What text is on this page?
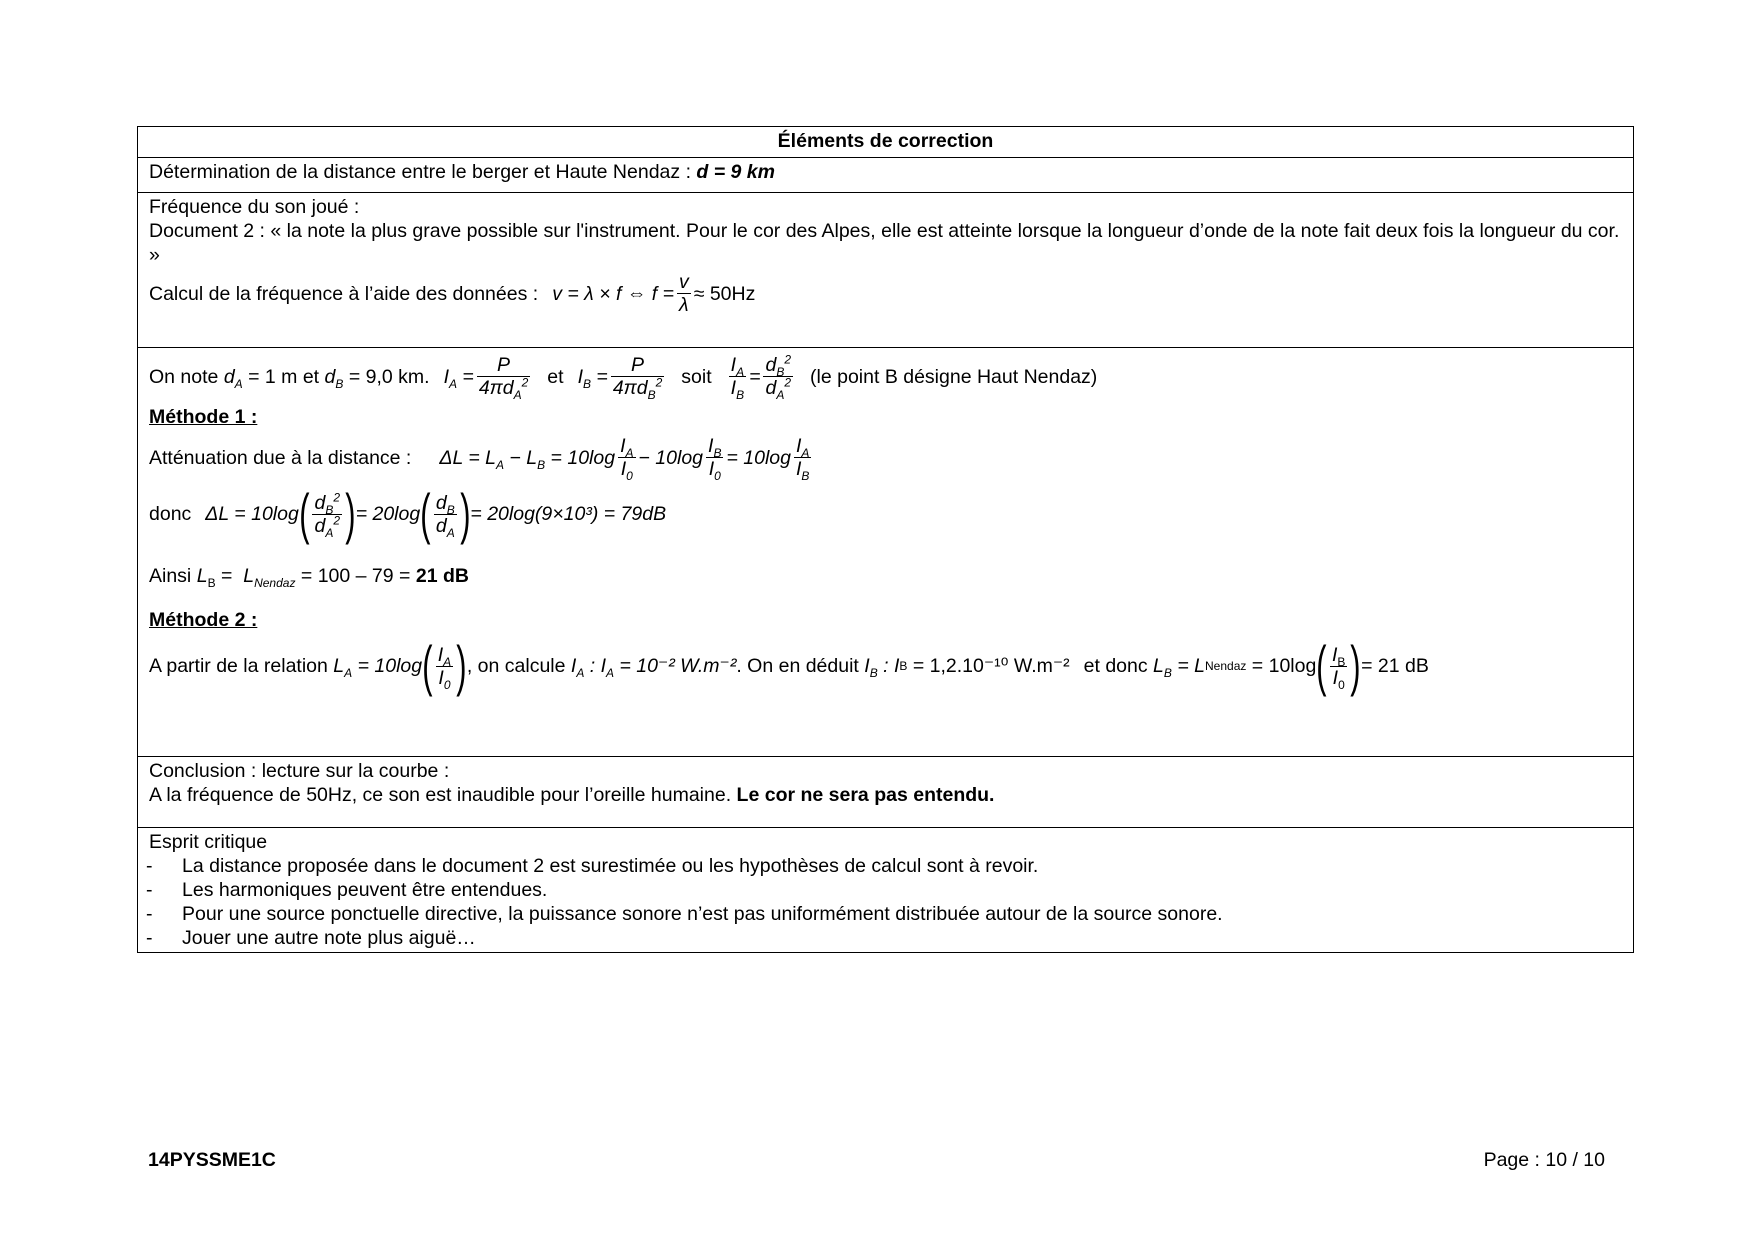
Éléments de correction
Détermination de la distance entre le berger et Haute Nendaz : d = 9 km

Fréquence du son joué :
Document 2 : « la note la plus grave possible sur l'instrument. Pour le cor des Alpes, elle est atteinte lorsque la longueur d’onde de la note fait deux fois la longueur du cor. »
Calcul de la fréquence à l’aide des données : v = λ × f ⇔ $f = \frac{v}{\lambda} \approx 50Hz$

On note
$d_A$
= 1 m et
$d_B$
= 9,0 km. $I_A = \frac{P}{4\pi d_A^2}$ et $I_B = \frac{P}{4\pi d_B^2}$ soit $\frac{I_A}{I_B} = \frac{d_B^2}{d_A^2} (le$ point B désigne Haut Nendaz)
Méthode 1 :
Atténuation due à la distance : $\Delta L = L_A - L_B = 10\log \frac{I_A}{I_0} - 10\log \frac{I_B}{I_0} = 10\log \frac{I_A}{I_B}$
donc ΔL = 10log ( $\frac{d_B^2}{d_A^2}$ ) = 20log ( $\frac{d_B}{d_A}$ ) = 20log(9×10³) = 79dB
Ainsi
$L_B = L_{Nendaz}$
= 100 – 79 =
21 dB
Méthode 2 :
A partir de la relation
$L_A = 10\log$ ( $\frac{I_A}{I_0}$ ) , on calcule
$I_A$ :
$I_A$
= 10⁻² W.m⁻² . On en déduit
$I_B$ :
I B
= 1,2.10⁻¹⁰ W.m⁻² et donc
$L_B = L$ Nendaz
= 10log ( $\frac{I_B}{I_0}$ ) = 21 dB

Conclusion : lecture sur la courbe :
A la fréquence de 50Hz, ce son est inaudible pour l’oreille humaine. Le cor ne sera pas entendu.

Esprit critique
- La distance proposée dans le document 2 est surestimée ou les hypothèses de calcul sont à revoir.
- Les harmoniques peuvent être entendues.
- Pour une source ponctuelle directive, la puissance sonore n’est pas uniformément distribuée autour de la source sonore.
- Jouer une autre note plus aiguë…
14PYSSME1C	Page : 10 / 10
